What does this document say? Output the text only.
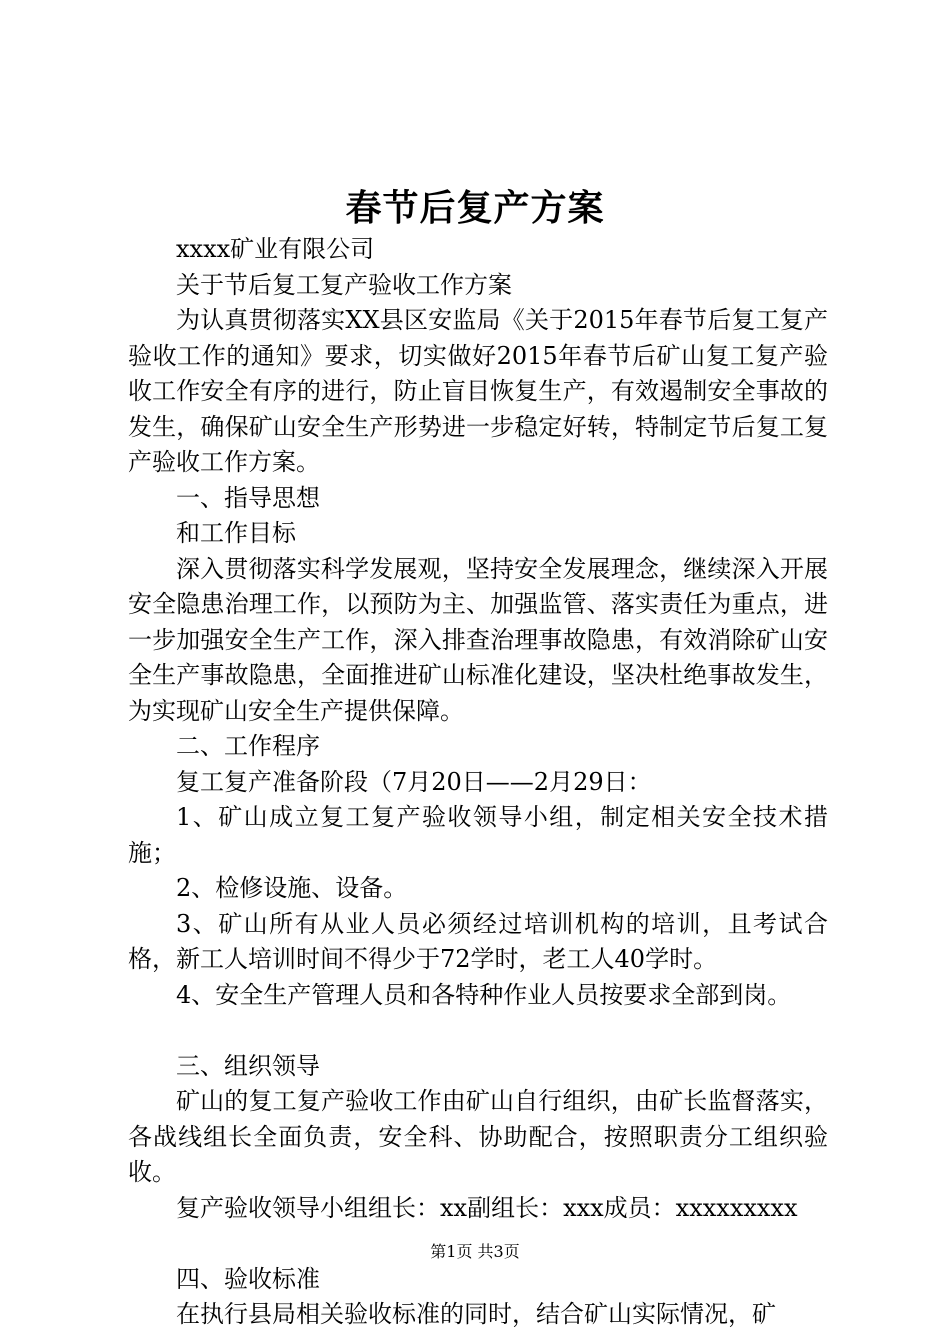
春节后复产方案

xxxx矿业有限公司

关于节后复工复产验收工作方案

为认真贯彻落实XX县区安监局《关于2015年春节后复工复产验收工作的通知》要求，切实做好2015年春节后矿山复工复产验收工作安全有序的进行，防止盲目恢复生产，有效遏制安全事故的发生，确保矿山安全生产形势进一步稳定好转，特制定节后复工复产验收工作方案。

一、指导思想

和工作目标

深入贯彻落实科学发展观，坚持安全发展理念，继续深入开展安全隐患治理工作，以预防为主、加强监管、落实责任为重点，进一步加强安全生产工作，深入排查治理事故隐患，有效消除矿山安全生产事故隐患，全面推进矿山标准化建设，坚决杜绝事故发生，为实现矿山安全生产提供保障。

二、工作程序

复工复产准备阶段（7月20日——2月29日：

1、矿山成立复工复产验收领导小组，制定相关安全技术措施；

2、检修设施、设备。

3、矿山所有从业人员必须经过培训机构的培训，且考试合格，新工人培训时间不得少于72学时，老工人40学时。

4、安全生产管理人员和各特种作业人员按要求全部到岗。

三、组织领导

矿山的复工复产验收工作由矿山自行组织，由矿长监督落实，各战线组长全面负责，安全科、协助配合，按照职责分工组织验收。

复产验收领导小组组长：xx副组长：xxx成员：xxxxxxxxx

四、验收标准

在执行县局相关验收标准的同时，结合矿山实际情况，矿

第1页 共3页
